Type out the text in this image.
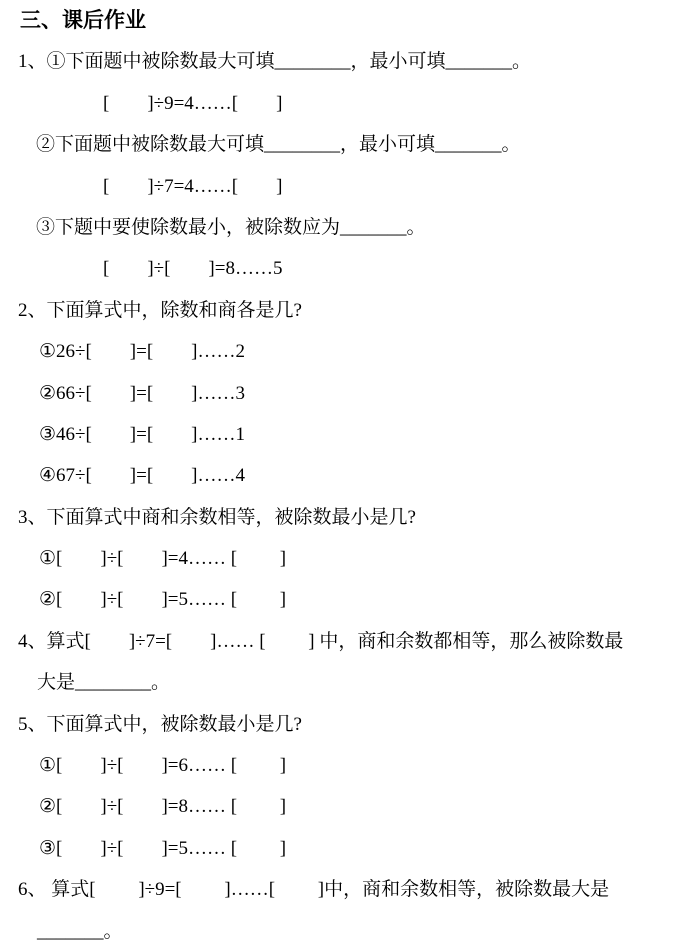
三、课后作业
1、①下面题中被除数最大可填________，最小可填_______。
[        ]÷9=4……[        ]
②下面题中被除数最大可填________，最小可填_______。
[        ]÷7=4……[        ]
③下题中要使除数最小，被除数应为_______。
[        ]÷[        ]=8……5
2、下面算式中，除数和商各是几?
①26÷[        ]=[        ]……2
②66÷[        ]=[        ]……3
③46÷[        ]=[        ]……1
④67÷[        ]=[        ]……4
3、下面算式中商和余数相等，被除数最小是几?
①[        ]÷[        ]=4…… [         ]
②[        ]÷[        ]=5…… [         ]
4、算式[        ]÷7=[        ]…… [         ] 中，商和余数都相等，那么被除数最
大是________。
5、下面算式中，被除数最小是几?
①[        ]÷[        ]=6…… [         ]
②[        ]÷[        ]=8…… [         ]
③[        ]÷[        ]=5…… [         ]
6、 算式[         ]÷9=[         ]……[         ]中，商和余数相等，被除数最大是
_______。
